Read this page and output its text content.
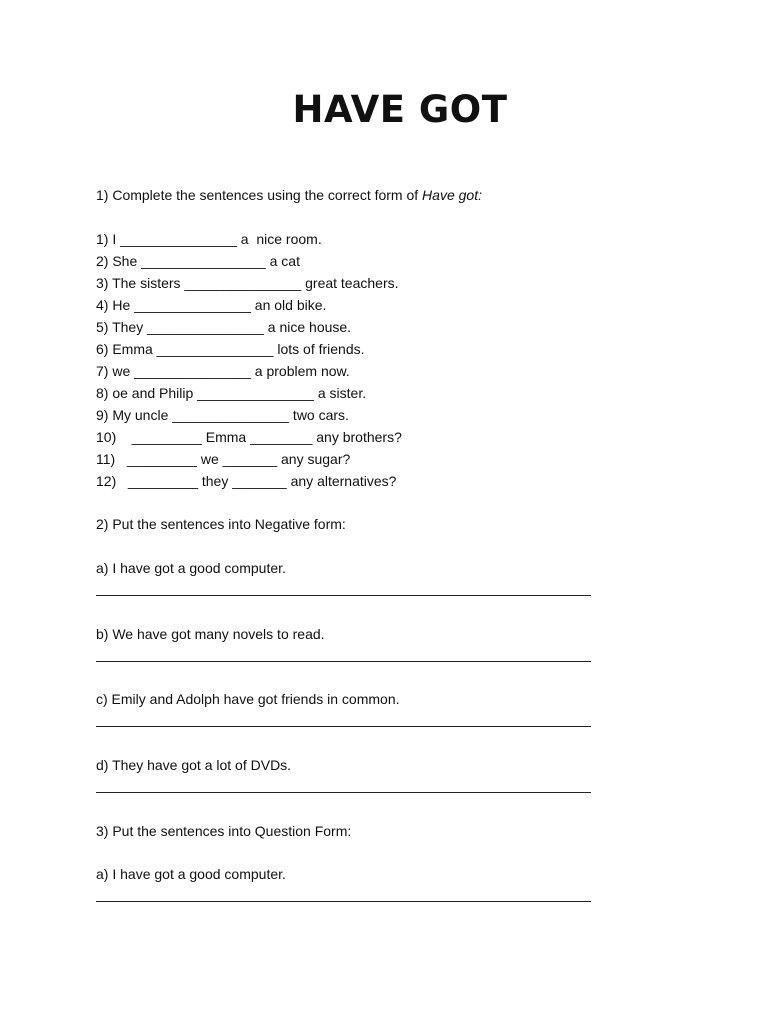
HAVE GOT
1) Complete the sentences using the correct form of Have got:
1) I _______________ a  nice room.
2) She ________________ a cat
3) The sisters _______________ great teachers.
4) He _______________ an old bike.
5) They _______________ a nice house.
6) Emma _______________ lots of friends.
7) we _______________ a problem now.
8) oe and Philip _______________ a sister.
9) My uncle _______________ two cars.
10)    _________ Emma ________ any brothers?
11)   _________ we _______ any sugar?
12)   _________ they _______ any alternatives?
2) Put the sentences into Negative form:
a) I have got a good computer.
b) We have got many novels to read.
c) Emily and Adolph have got friends in common.
d) They have got a lot of DVDs.
3) Put the sentences into Question Form:
a) I have got a good computer.
